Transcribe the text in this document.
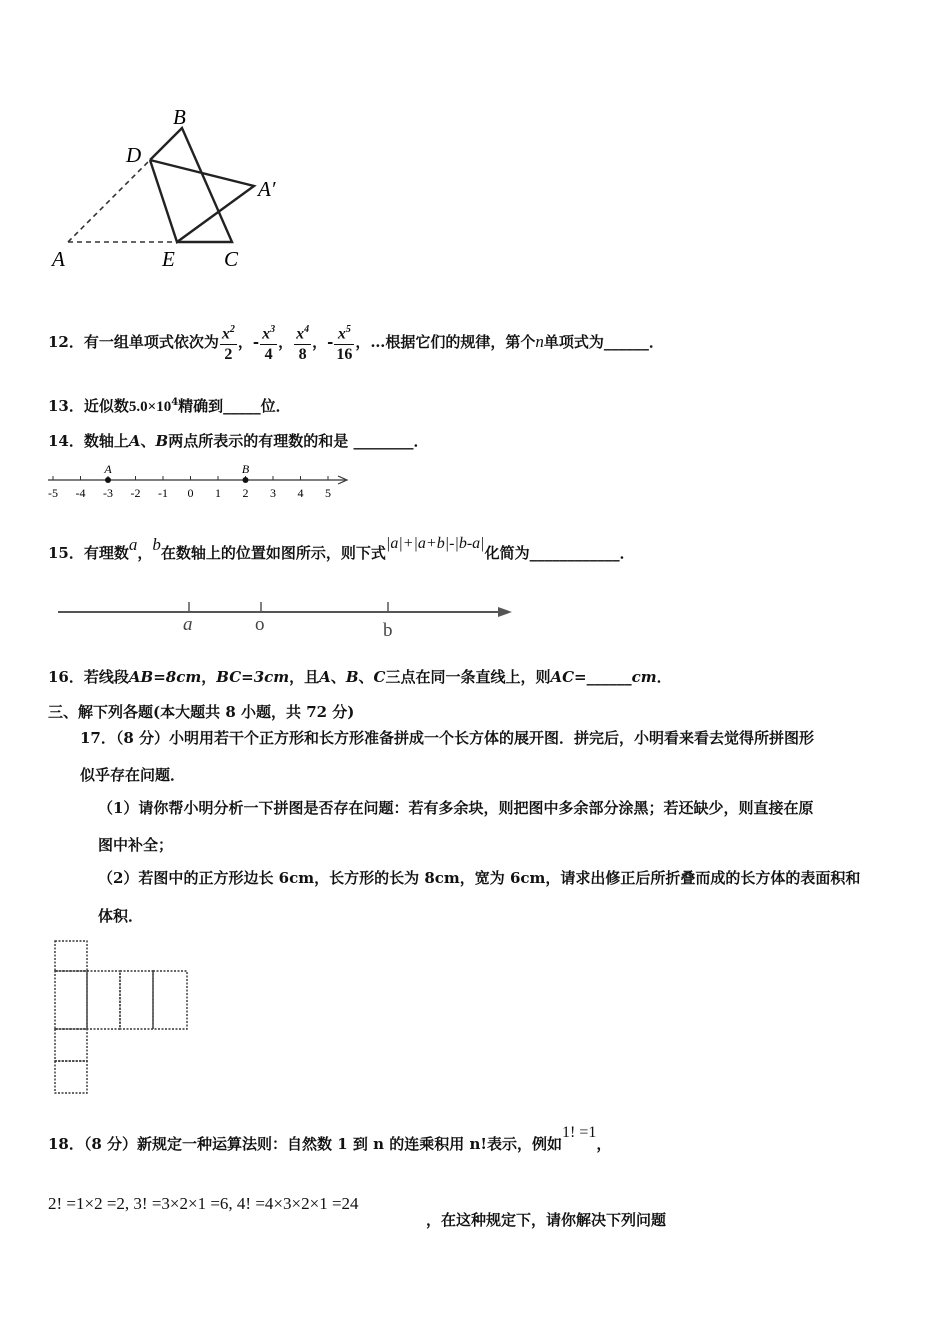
B
D
A′
A	E C
12．有一组单项式依次为 $\frac{x^2}{2}$ ，- $\frac{x^3}{4}$ ， $\frac{x^4}{8}$ ，- $\frac{x^5}{16}$ ，…根据它们的规律，第个n单项式为______．
13．近似数$5.0\times 10^4$精确到_____位．
14．数轴上A、B两点所表示的有理数的和是 ________．
-5 -4 -3 -2 -1 0 1 2 3 4 5
A	B
15．有理数a，b在数轴上的位置如图所示，则下式|a|+|a+b|-|b-a|化简为____________．
a	o	b
16．若线段AB=8cm，BC=3cm，且A、B、C三点在同一条直线上，则AC=______cm．
三、解下列各题(本大题共 8 小题，共 72 分)
17．（8 分）小明用若干个正方形和长方形准备拼成一个长方体的展开图．拼完后，小明看来看去觉得所拼图形
似乎存在问题．
（1）请你帮小明分析一下拼图是否存在问题：若有多余块，则把图中多余部分涂黑；若还缺少，则直接在原
图中补全；
（2）若图中的正方形边长 6cm，长方形的长为 8cm，宽为 6cm，请求出修正后所折叠而成的长方体的表面积和
体积．
18．（8 分）新规定一种运算法则：自然数 1 到 n 的连乘积用 n!表示，例如1! =1，
2! =1×2 =2, 3! =3×2×1 =6, 4! =4×3×2×1 =24
，在这种规定下，请你解决下列问题
